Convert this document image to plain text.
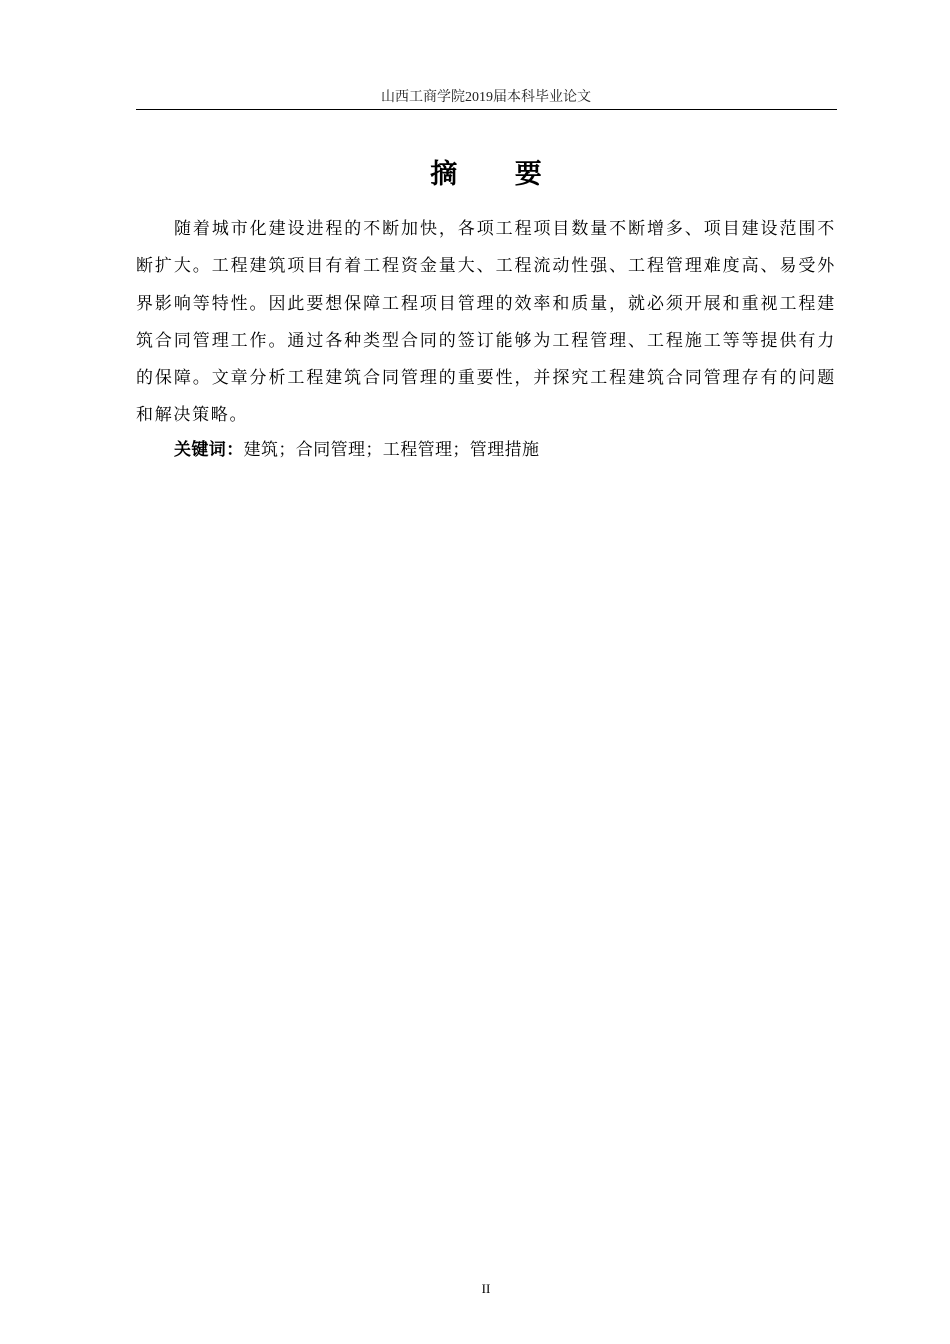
山西工商学院2019届本科毕业论文
摘 要

随着城市化建设进程的不断加快，各项工程项目数量不断增多、项目建设范围不断扩大。工程建筑项目有着工程资金量大、工程流动性强、工程管理难度高、易受外界影响等特性。因此要想保障工程项目管理的效率和质量，就必须开展和重视工程建筑合同管理工作。通过各种类型合同的签订能够为工程管理、工程施工等等提供有力的保障。文章分析工程建筑合同管理的重要性，并探究工程建筑合同管理存有的问题和解决策略。

关键词：建筑；合同管理；工程管理；管理措施
II
